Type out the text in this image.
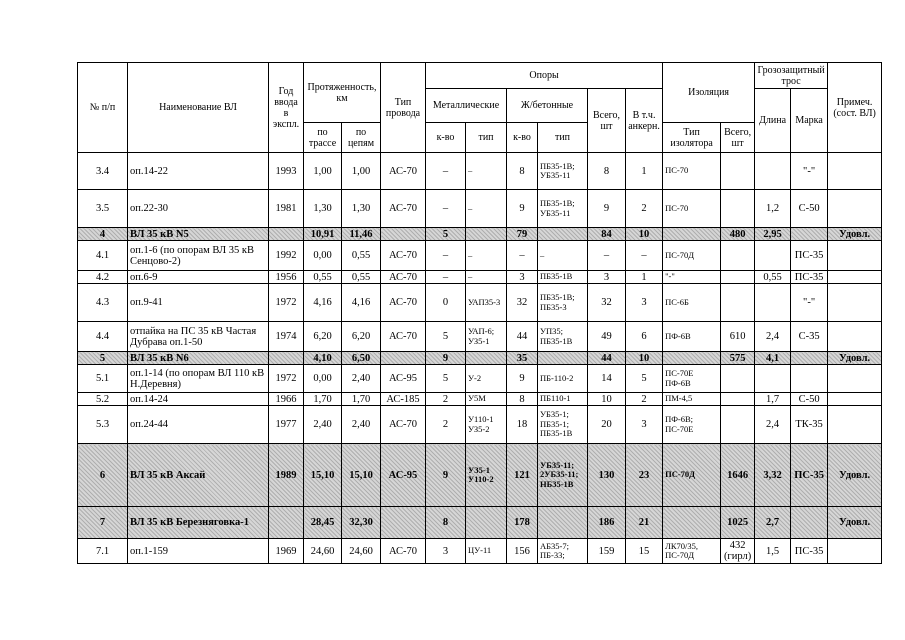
№ п/п	Наименование ВЛ	Год ввода в экспл.	Протяженность, км		Тип провода	Опоры						Изоляция		Грозозащитный трос		Примеч. (сост. ВЛ)
						Металлические		Ж/бетонные		Всего, шт	В т.ч. анкерн.			Длина	Марка	
			по трассе	по цепям		к-во	тип	к-во	тип			Тип изолятора	Всего, шт			
3.4	оп.14-22	1993	1,00	1,00	АС-70	–	–	8	ПБ35-1В; УБ35-11	8	1	ПС-70			"-"	
3.5	оп.22-30	1981	1,30	1,30	АС-70	–	–	9	ПБ35-1В; УБ35-11	9	2	ПС-70		1,2	С-50	
4	ВЛ 35 кВ N5		10,91	11,46		5		79		84	10		480	2,95		Удовл.
4.1	оп.1-6 (по опорам ВЛ 35 кВ Сенцово-2)	1992	0,00	0,55	АС-70	–	–	–	–	–	–	ПС-70Д			ПС-35	
4.2	оп.6-9	1956	0,55	0,55	АС-70	–	–	3	ПБ35-1В	3	1	"-"		0,55	ПС-35	
4.3	оп.9-41	1972	4,16	4,16	АС-70	0	УАП35-3	32	ПБ35-1В; ПБ35-3	32	3	ПС-6Б			"-"	
4.4	отпайка на ПС 35 кВ Частая Дубрава оп.1-50	1974	6,20	6,20	АС-70	5	УАП-6; УЗ5-1	44	УП35; ПБ35-1В	49	6	ПФ-6В	610	2,4	С-35	
5	ВЛ 35 кВ N6		4,10	6,50		9		35		44	10		575	4,1		Удовл.
5.1	оп.1-14 (по опорам ВЛ 110 кВ Н.Деревня)	1972	0,00	2,40	АС-95	5	У-2	9	ПБ-110-2	14	5	ПС-70Е ПФ-6В				
5.2	оп.14-24	1966	1,70	1,70	АС-185	2	У5М	8	ПБ110-1	10	2	ПМ-4,5		1,7	С-50	
5.3	оп.24-44	1977	2,40	2,40	АС-70	2	У110-1 УЗ5-2	18	УБ35-1; ПБ35-1; ПБ35-1В	20	3	ПФ-6В; ПС-70Е		2,4	ТК-35	
6	ВЛ 35 кВ Аксай	1989	15,10	15,10	АС-95	9	УЗ5-1 У110-2	121	УБ35-11; 2УБ35-11; НБ35-1В	130	23	ПС-70Д	1646	3,32	ПС-35	Удовл.
7	ВЛ 35 кВ Березняговка-1		28,45	32,30		8		178		186	21		1025	2,7		Удовл.
7.1	оп.1-159	1969	24,60	24,60	АС-70	3	ЦУ-11	156	АБ35-7; ПБ-33;	159	15	ЛК70/35, ПС-70Д	432 (гирл)	1,5	ПС-35	
